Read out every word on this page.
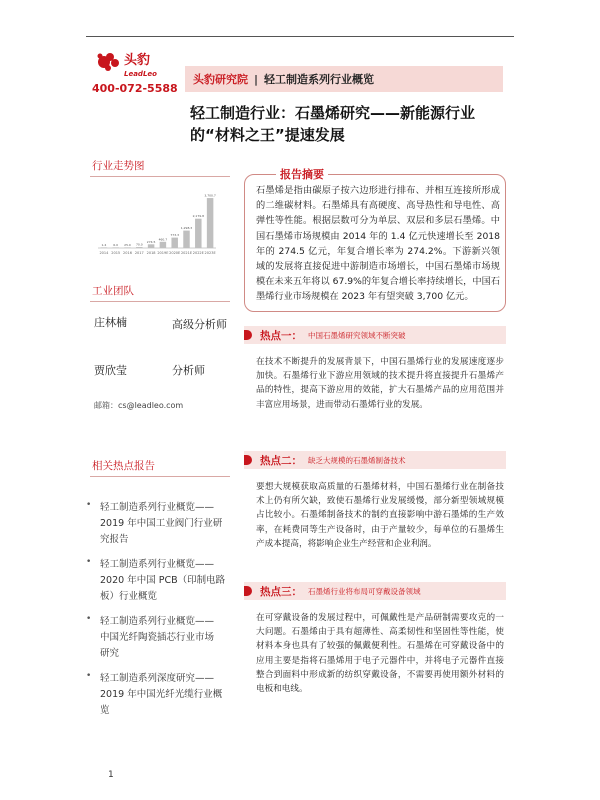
头豹
LeadLeo
400-072-5588
头豹研究院 | 轻工制造系列行业概览
轻工制造行业：石墨烯研究——新能源行业
的“材料之王”提速发展
行业走势图
1.4
2014
6.0
2015
25.0
2016
70.0
2017
274.5
2018
460.7
2019E
773.3
2020E
1,298.3
2021E
2,179.8
2022E
3,700.7
2023E
工业团队
庄林楠	高级分析师
贾欣莹	分析师
邮箱：cs@leadleo.com
相关热点报告
• 轻工制造系列行业概览——
2019 年中国工业阀门行业研
究报告
• 轻工制造系列行业概览——
2020 年中国 PCB（印制电路
板）行业概览
• 轻工制造系列行业概览——
中国光纤陶瓷插芯行业市场
研究
• 轻工制造系列深度研究——
2019 年中国光纤光缆行业概
览
报告摘要
石墨烯是指由碳原子按六边形进行排布、并相互连接所形成的二维碳材料。石墨烯具有高硬度、高导热性和导电性、高弹性等性能。根据层数可分为单层、双层和多层石墨烯。中国石墨烯市场规模由 2014 年的 1.4 亿元快速增长至 2018 年的 274.5 亿元，年复合增长率为 274.2%。下游新兴领域的发展将直接促进中游制造市场增长，中国石墨烯市场规模在未来五年将以 67.9%的年复合增长率持续增长，中国石墨烯行业市场规模在 2023 年有望突破 3,700 亿元。
热点一： 中国石墨烯研究领域不断突破
在技术不断提升的发展背景下，中国石墨烯行业的发展速度逐步加快。石墨烯行业下游应用领域的技术提升将直接提升石墨烯产品的特性，提高下游应用的效能，扩大石墨烯产品的应用范围并丰富应用场景，进而带动石墨烯行业的发展。
热点二： 缺乏大规模的石墨烯制备技术
要想大规模获取高质量的石墨烯材料，中国石墨烯行业在制备技术上仍有所欠缺，致使石墨烯行业发展缓慢，部分新型领域规模占比较小。石墨烯制备技术的制约直接影响中游石墨烯的生产效率，在耗费同等生产设备时，由于产量较少，每单位的石墨烯生产成本提高，将影响企业生产经营和企业利润。
热点三： 石墨烯行业将布局可穿戴设备领域
在可穿戴设备的发展过程中，可佩戴性是产品研制需要攻克的一大问题。石墨烯由于具有超薄性、高柔韧性和坚固性等性能，使材料本身也具有了较强的佩戴便利性。石墨烯在可穿戴设备中的应用主要是指将石墨烯用于电子元器件中，并将电子元器件直接整合到面料中形成新的纺织穿戴设备，不需要再使用额外材料的电板和电线。
1
